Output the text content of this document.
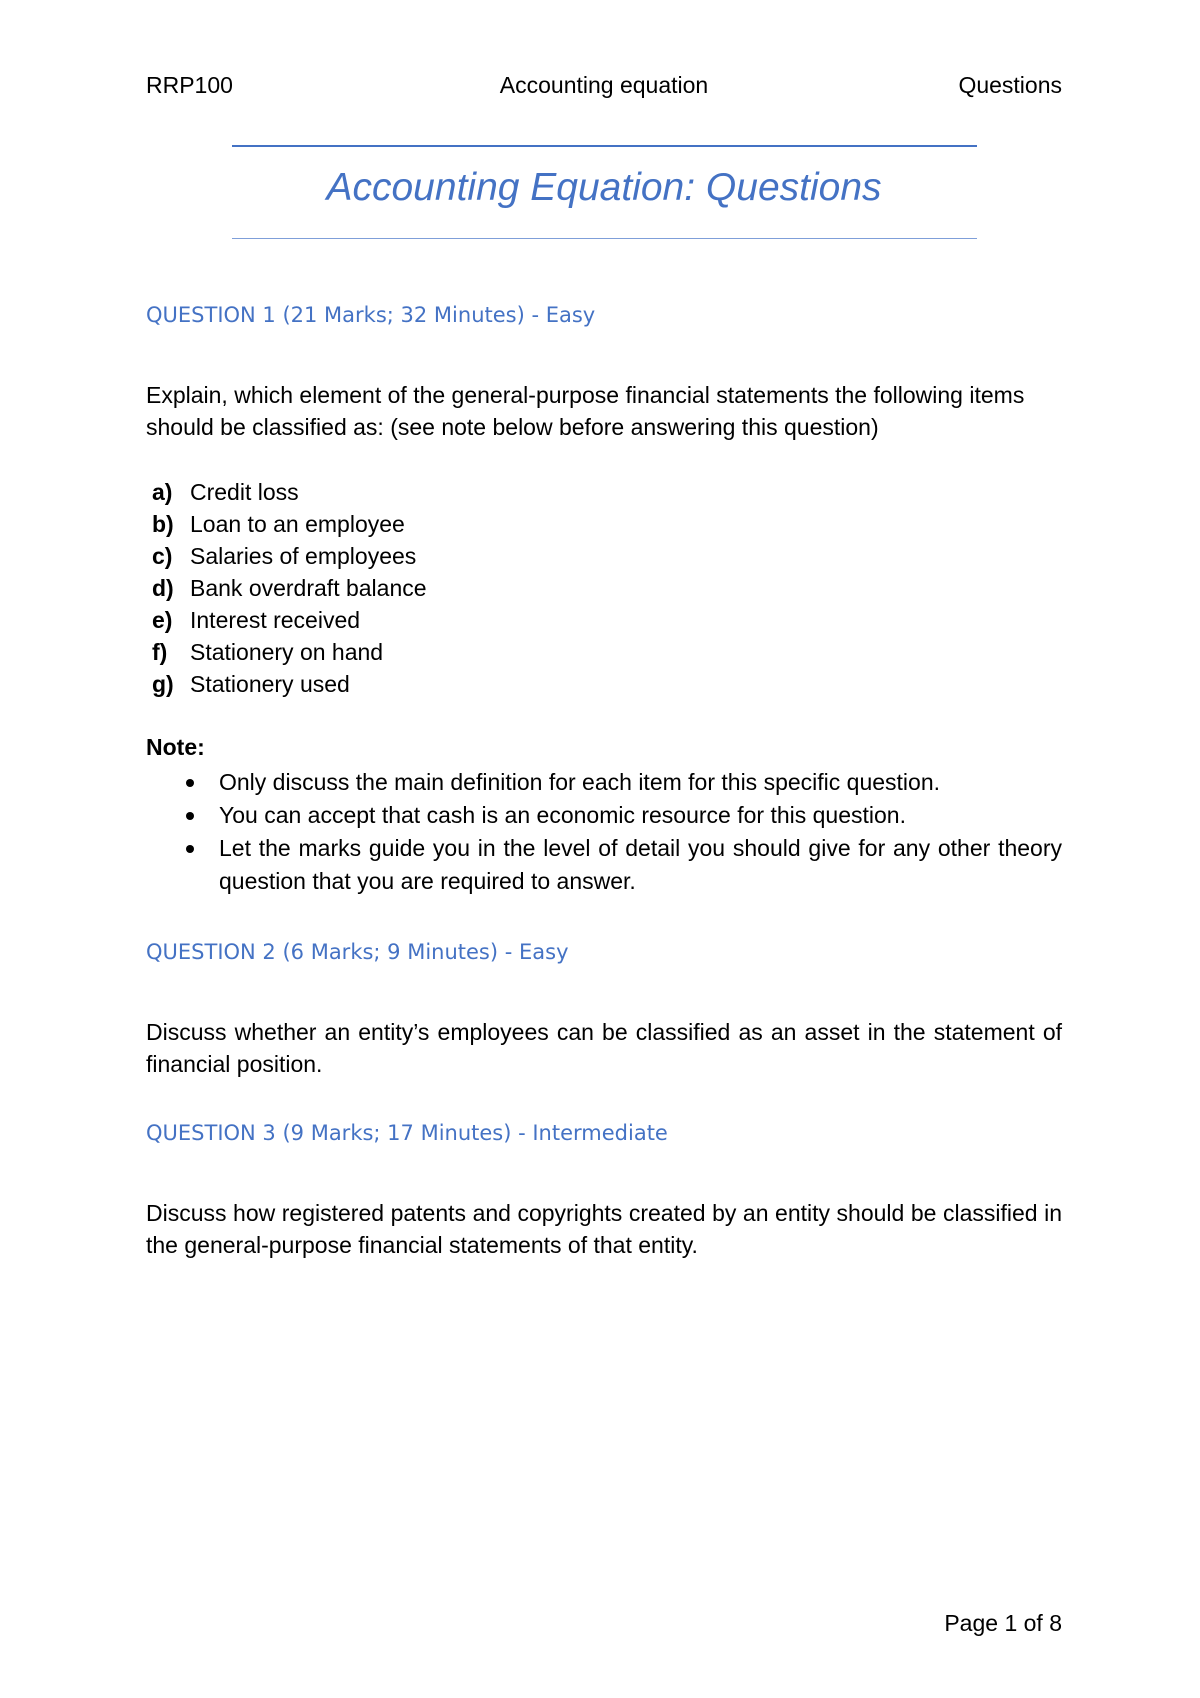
RRP100	Accounting equation	Questions
Accounting Equation: Questions
QUESTION 1 (21 Marks; 32 Minutes) - Easy
Explain, which element of the general-purpose financial statements the following items should be classified as: (see note below before answering this question)
a) Credit loss
b) Loan to an employee
c) Salaries of employees
d) Bank overdraft balance
e) Interest received
f) Stationery on hand
g) Stationery used
Note:
Only discuss the main definition for each item for this specific question.
You can accept that cash is an economic resource for this question.
Let the marks guide you in the level of detail you should give for any other theory question that you are required to answer.
QUESTION 2 (6 Marks; 9 Minutes) - Easy
Discuss whether an entity’s employees can be classified as an asset in the statement of financial position.
QUESTION 3 (9 Marks; 17 Minutes) - Intermediate
Discuss how registered patents and copyrights created by an entity should be classified in the general-purpose financial statements of that entity.
Page 1 of 8
